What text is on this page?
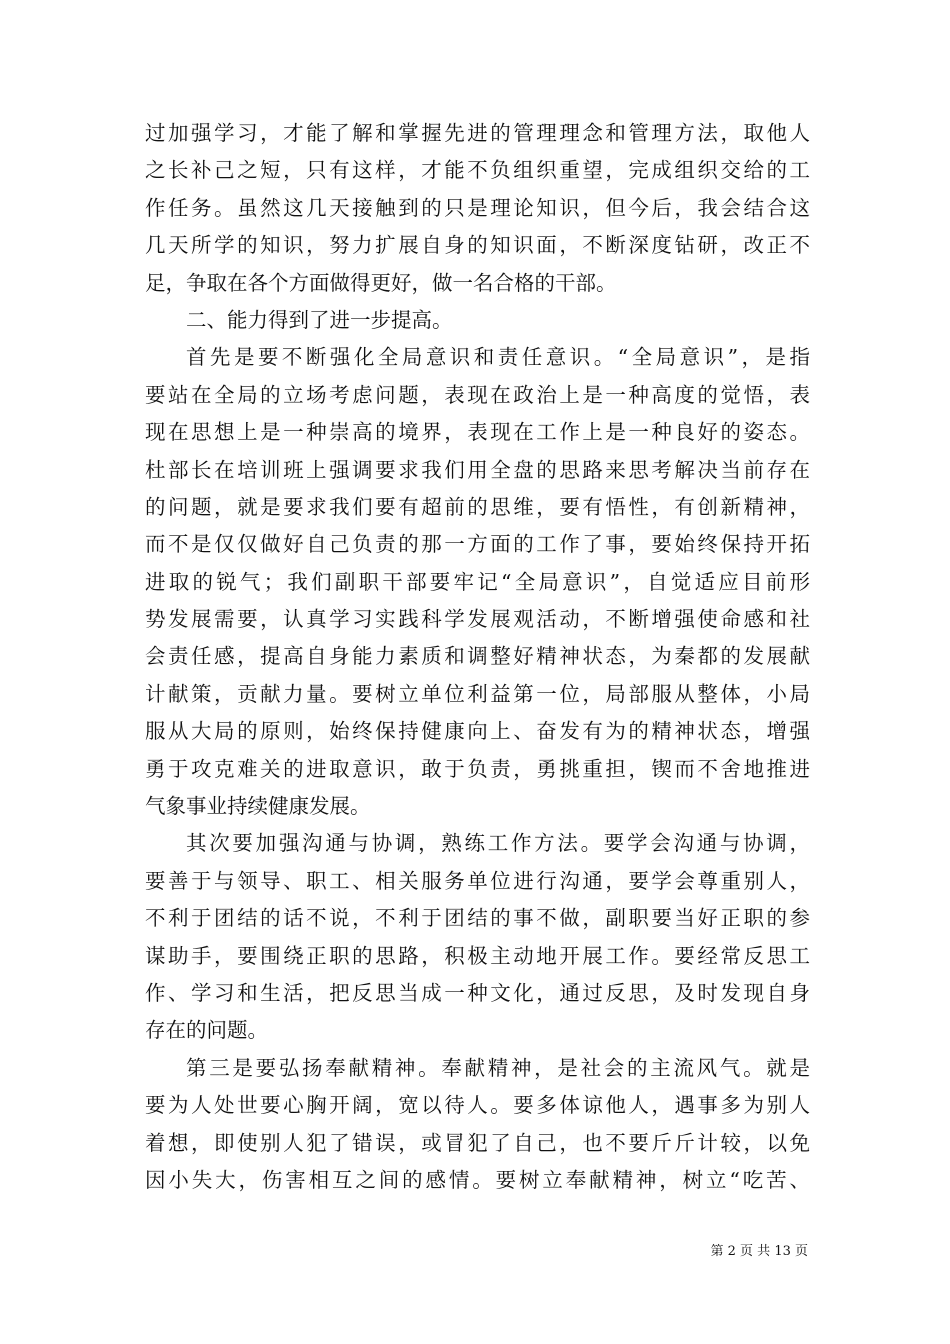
过加强学习，才能了解和掌握先进的管理理念和管理方法，取他人
之长补己之短，只有这样，才能不负组织重望，完成组织交给的工
作任务。虽然这几天接触到的只是理论知识，但今后，我会结合这
几天所学的知识，努力扩展自身的知识面，不断深度钻研，改正不
足，争取在各个方面做得更好，做一名合格的干部。
二、能力得到了进一步提高。
首先是要不断强化全局意识和责任意识。“全局意识”，是指
要站在全局的立场考虑问题，表现在政治上是一种高度的觉悟，表
现在思想上是一种崇高的境界，表现在工作上是一种良好的姿态。
杜部长在培训班上强调要求我们用全盘的思路来思考解决当前存在
的问题，就是要求我们要有超前的思维，要有悟性，有创新精神，
而不是仅仅做好自己负责的那一方面的工作了事，要始终保持开拓
进取的锐气；我们副职干部要牢记“全局意识”，自觉适应目前形
势发展需要，认真学习实践科学发展观活动，不断增强使命感和社
会责任感，提高自身能力素质和调整好精神状态，为秦都的发展献
计献策，贡献力量。要树立单位利益第一位，局部服从整体，小局
服从大局的原则，始终保持健康向上、奋发有为的精神状态，增强
勇于攻克难关的进取意识，敢于负责，勇挑重担，锲而不舍地推进
气象事业持续健康发展。
其次要加强沟通与协调，熟练工作方法。要学会沟通与协调，
要善于与领导、职工、相关服务单位进行沟通，要学会尊重别人，
不利于团结的话不说，不利于团结的事不做，副职要当好正职的参
谋助手，要围绕正职的思路，积极主动地开展工作。要经常反思工
作、学习和生活，把反思当成一种文化，通过反思，及时发现自身
存在的问题。
第三是要弘扬奉献精神。奉献精神，是社会的主流风气。就是
要为人处世要心胸开阔，宽以待人。要多体谅他人，遇事多为别人
着想，即使别人犯了错误，或冒犯了自己，也不要斤斤计较，以免
因小失大，伤害相互之间的感情。要树立奉献精神，树立“吃苦、
第 2 页 共 13 页
